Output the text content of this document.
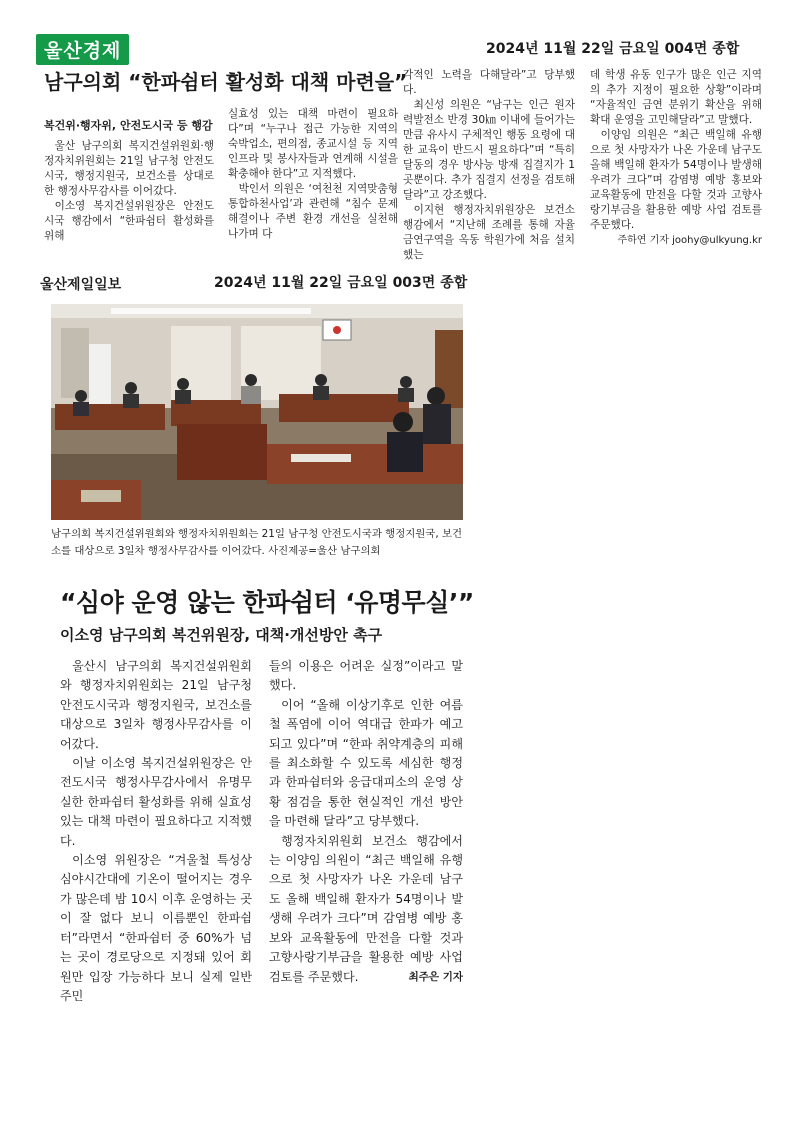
울산경제	2024년 11월 22일 금요일 004면 종합
남구의회 “한파쉼터 활성화 대책 마련을”
복건위·행자위, 안전도시국 등 행감

울산 남구의회 복지건설위원회·행정자치위원회는 21일 남구청 안전도시국, 행정지원국, 보건소를 상대로 한 행정사무감사를 이어갔다.

이소영 복지건설위원장은 안전도시국 행감에서 “한파쉼터 활성화를 위해

실효성 있는 대책 마련이 필요하다”며 “누구나 접근 가능한 지역의 숙박업소, 편의점, 종교시설 등 지역 인프라 및 봉사자들과 연계해 시설을 확충해야 한다”고 지적했다.

박인서 의원은 ‘여천천 지역맞춤형 통합하천사업’과 관련해 “침수 문제 해결이나 주변 환경 개선을 실천해 나가며 다

각적인 노력을 다해달라”고 당부했다.

최신성 의원은 “남구는 인근 원자력발전소 반경 30㎞ 이내에 들어가는 만큼 유사시 구체적인 행동 요령에 대한 교육이 반드시 필요하다”며 “특히 달동의 경우 방사능 방재 집결지가 1곳뿐이다. 추가 집결지 선정을 검토해달라”고 강조했다.

이지현 행정자치위원장은 보건소 행감에서 “지난해 조례를 통해 자율금연구역을 옥동 학원가에 처음 설치했는

데 학생 유동 인구가 많은 인근 지역의 추가 지정이 필요한 상황”이라며 “자율적인 금연 분위기 확산을 위해 확대 운영을 고민해달라”고 말했다.

이양임 의원은 “최근 백일해 유행으로 첫 사망자가 나온 가운데 남구도 올해 백일해 환자가 54명이나 발생해 우려가 크다”며 감염병 예방 홍보와 교육활동에 만전을 다할 것과 고향사랑기부금을 활용한 예방 사업 검토를 주문했다.

주하연 기자 joohy@ulkyung.kr
울산제일일보	2024년 11월 22일 금요일 003면 종합
남구의회 복지건설위원회와 행정자치위원회는 21일 남구청 안전도시국과 행정지원국, 보건소를 대상으로 3일차 행정사무감사를 이어갔다. 사진제공=울산 남구의회
“심야 운영 않는 한파쉼터 ‘유명무실’”
이소영 남구의회 복건위원장, 대책·개선방안 촉구

울산시 남구의회 복지건설위원회와 행정자치위원회는 21일 남구청 안전도시국과 행정지원국, 보건소를 대상으로 3일차 행정사무감사를 이어갔다.

이날 이소영 복지건설위원장은 안전도시국 행정사무감사에서 유명무실한 한파쉼터 활성화를 위해 실효성 있는 대책 마련이 필요하다고 지적했다.

이소영 위원장은 “겨울철 특성상 심야시간대에 기온이 떨어지는 경우가 많은데 밤 10시 이후 운영하는 곳이 잘 없다 보니 이름뿐인 한파쉼터”라면서 “한파쉼터 중 60%가 넘는 곳이 경로당으로 지정돼 있어 회원만 입장 가능하다 보니 실제 일반 주민

들의 이용은 어려운 실정”이라고 말했다.

이어 “올해 이상기후로 인한 여름철 폭염에 이어 역대급 한파가 예고되고 있다”며 “한파 취약계층의 피해를 최소화할 수 있도록 세심한 행정과 한파쉼터와 응급대피소의 운영 상황 점검을 통한 현실적인 개선 방안을 마련해 달라”고 당부했다.

행정자치위원회 보건소 행감에서는 이양임 의원이 “최근 백일해 유행으로 첫 사망자가 나온 가운데 남구도 올해 백일해 환자가 54명이나 발생해 우려가 크다”며 감염병 예방 홍보와 교육활동에 만전을 다할 것과 고향사랑기부금을 활용한 예방 사업 검토를 주문했다.	최주은 기자
